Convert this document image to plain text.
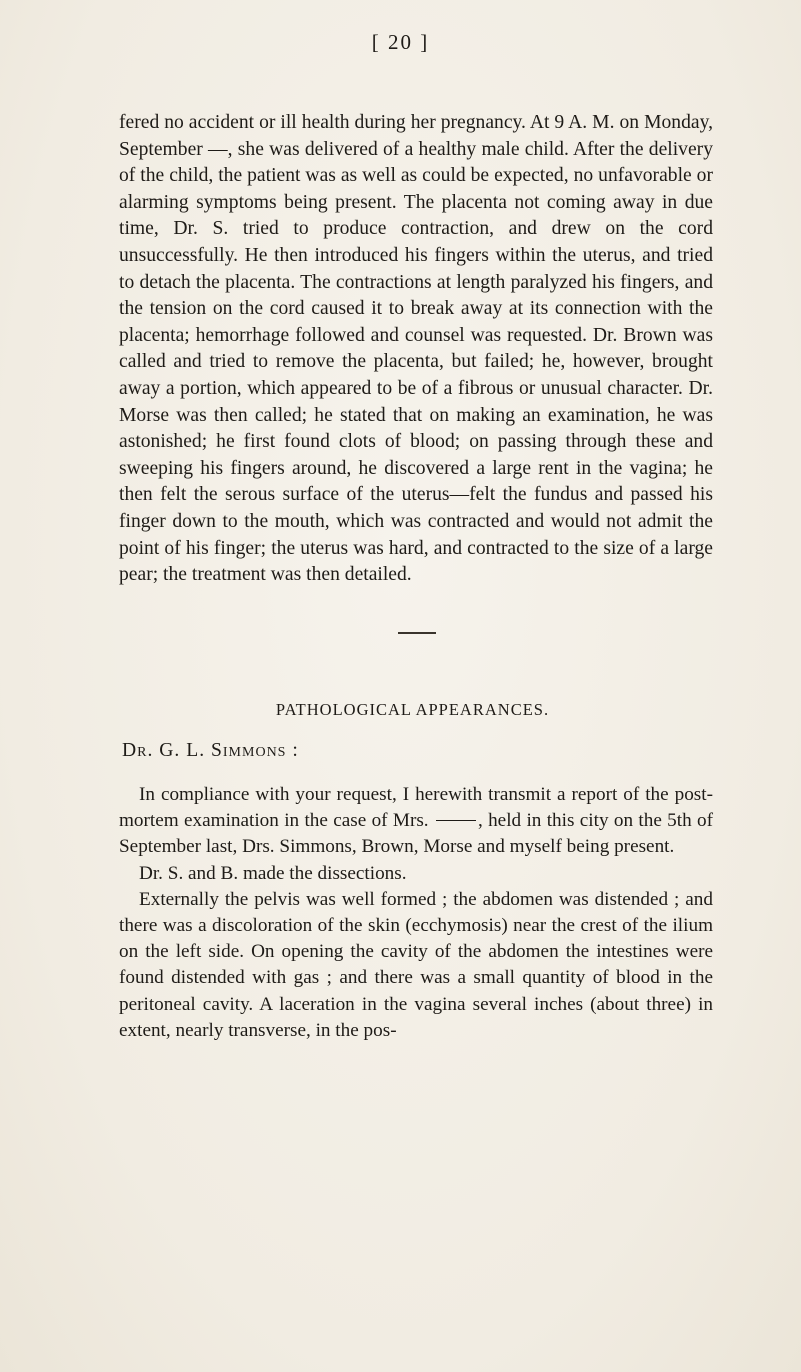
[ 20 ]

fered no accident or ill health during her pregnancy. At 9 A. M. on Monday, September —, she was delivered of a healthy male child. After the delivery of the child, the patient was as well as could be expected, no unfavorable or alarming symptoms being present. The placenta not coming away in due time, Dr. S. tried to produce contraction, and drew on the cord unsuccessfully. He then introduced his fingers within the uterus, and tried to detach the placenta. The contractions at length paralyzed his fingers, and the tension on the cord caused it to break away at its connection with the placenta; hemorrhage followed and counsel was requested. Dr. Brown was called and tried to remove the placenta, but failed; he, however, brought away a portion, which appeared to be of a fibrous or unusual character. Dr. Morse was then called; he stated that on making an examination, he was astonished; he first found clots of blood; on passing through these and sweeping his fingers around, he discovered a large rent in the vagina; he then felt the serous surface of the uterus—felt the fundus and passed his finger down to the mouth, which was contracted and would not admit the point of his finger; the uterus was hard, and contracted to the size of a large pear; the treatment was then detailed.

PATHOLOGICAL APPEARANCES.
Dr. G. L. Simmons :

In compliance with your request, I herewith transmit a report of the post-mortem examination in the case of Mrs.	, held in this city on the 5th of September last, Drs. Simmons, Brown, Morse and myself being present.

Dr. S. and B. made the dissections.

Externally the pelvis was well formed ; the abdomen was distended ; and there was a discoloration of the skin (ecchymosis) near the crest of the ilium on the left side. On opening the cavity of the abdomen the intestines were found distended with gas ; and there was a small quantity of blood in the peritoneal cavity. A laceration in the vagina several inches (about three) in extent, nearly transverse, in the pos-
